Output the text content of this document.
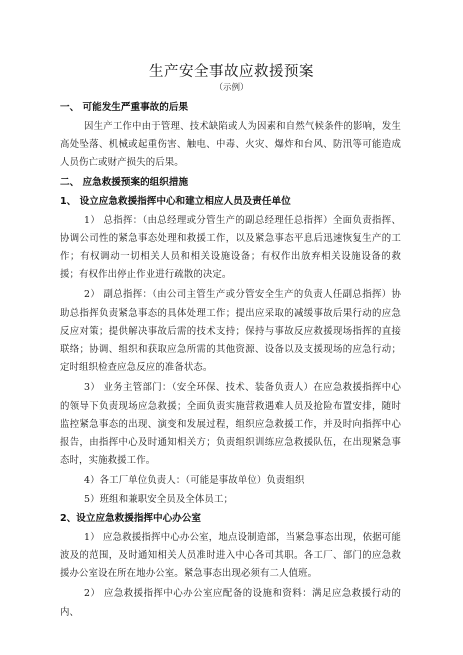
生产安全事故应救援预案
（示例）
一、 可能发生严重事故的后果

因生产工作中由于管理、技术缺陷或人为因素和自然气候条件的影响，发生高处坠落、机械或起重伤害、触电、中毒、火灾、爆炸和台风、防汛等可能造成人员伤亡或财产损失的后果。

二、 应急救援预案的组织措施
1、 设立应急救援指挥中心和建立相应人员及责任单位

1） 总指挥：（由总经理或分管生产的副总经理任总指挥）全面负责指挥、协调公司性的紧急事态处理和救援工作，以及紧急事态平息后迅速恢复生产的工作；有权调动一切相关人员和相关设施设备；有权作出放弃相关设施设备的救援；有权作出停止作业进行疏散的决定。

2） 副总指挥：（由公司主管生产或分管安全生产的负责人任副总指挥）协助总指挥负责紧急事态的具体处理工作；提出应采取的减缓事故后果行动的应急反应对策；提供解决事故后需的技术支持；保持与事故反应救援现场指挥的直接联络；协调、组织和获取应急所需的其他资源、设备以及支援现场的应急行动；定时组织检查应急反应的准备状态。

3） 业务主管部门：（安全环保、技术、装备负责人）在应急救援指挥中心的领导下负责现场应急救援；全面负责实施营救遇难人员及抢险布置安排，随时监控紧急事态的出现、演变和发展过程，组织应急救援工作，并及时向指挥中心报告，由指挥中心及时通知相关方；负责组织训练应急救援队伍，在出现紧急事态时，实施救援工作。

4）各工厂单位负责人：（可能是事故单位）负责组织

5）班组和兼职安全员及全体员工；

2、设立应急救援指挥中心办公室

1） 应急救援指挥中心办公室，地点设制造部，当紧急事态出现，依据可能波及的范围，及时通知相关人员准时进入中心各司其职。各工厂、部门的应急救援办公室设在所在地办公室。紧急事态出现必须有二人值班。

2） 应急救援指挥中心办公室应配备的设施和资料：满足应急救援行动的内、
